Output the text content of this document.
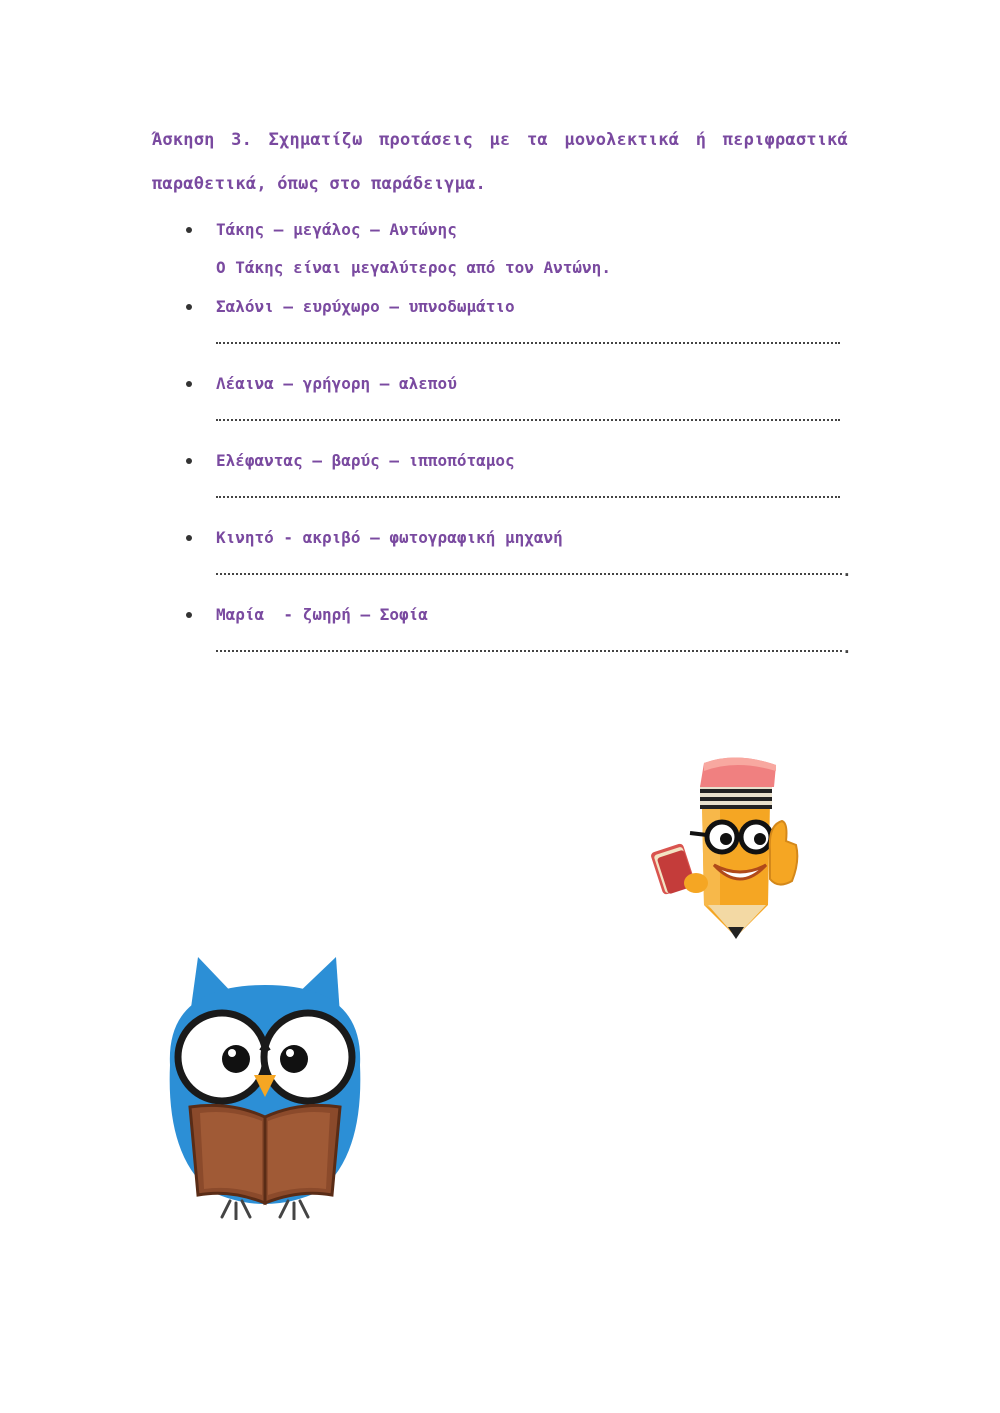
Άσκηση 3. Σχηματίζω προτάσεις με τα μονολεκτικά ή περιφραστικά παραθετικά, όπως στο παράδειγμα.

Τάκης – μεγάλος – Αντώνης
Ο Τάκης είναι μεγαλύτερος από τον Αντώνη.
Σαλόνι – ευρύχωρο – υπνοδωμάτιο
Λέαινα – γρήγορη – αλεπού
Ελέφαντας – βαρύς – ιπποπόταμος
Κινητό - ακριβό – φωτογραφική μηχανή
.
Μαρία  - ζωηρή – Σοφία
.
